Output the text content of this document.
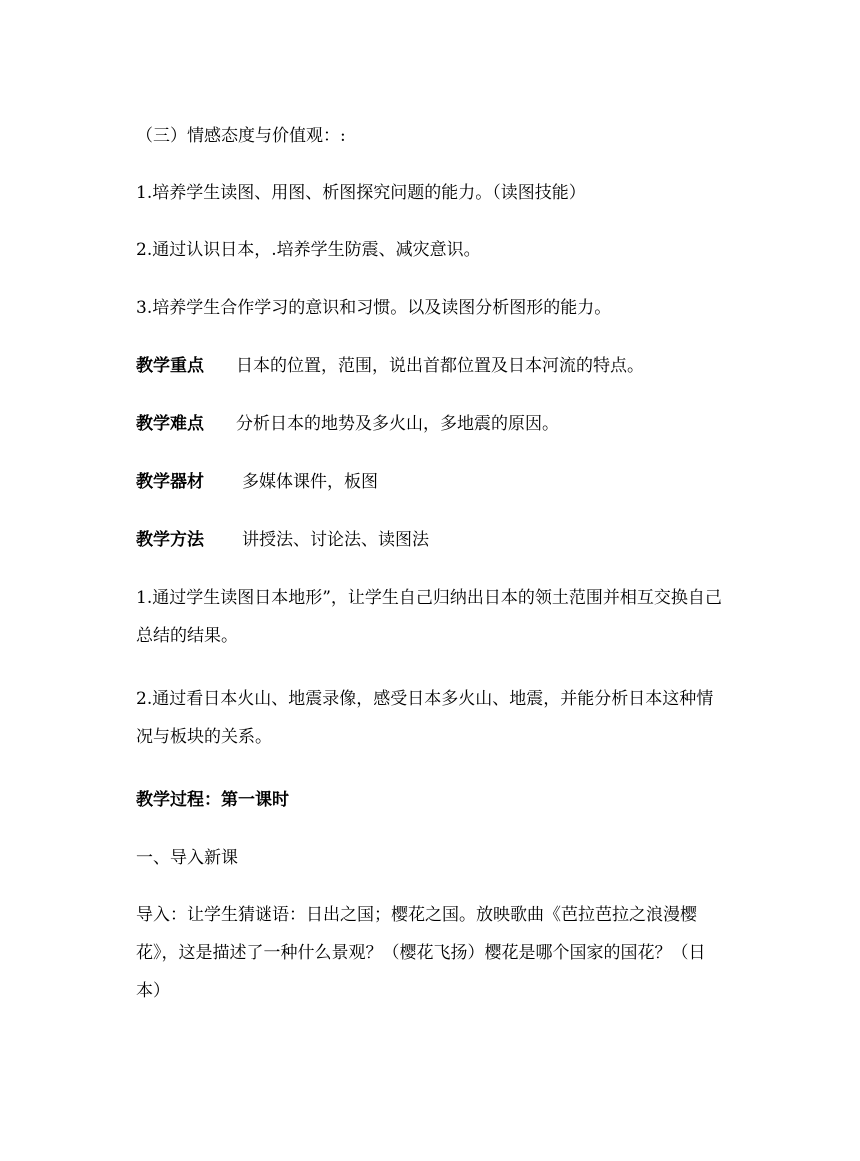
（三）情感态度与价值观：:
1.培养学生读图、用图、析图探究问题的能力。（读图技能）
2.通过认识日本，.培养学生防震、减灾意识。
3.培养学生合作学习的意识和习惯。以及读图分析图形的能力。
教学重点 日本的位置，范围，说出首都位置及日本河流的特点。
教学难点 分析日本的地势及多火山，多地震的原因。
教学器材 多媒体课件，板图
教学方法 讲授法、讨论法、读图法
1.通过学生读图日本地形”，让学生自己归纳出日本的领土范围并相互交换自己总结的结果。
2.通过看日本火山、地震录像，感受日本多火山、地震，并能分析日本这种情况与板块的关系。
教学过程：第一课时
一、导入新课
导入：让学生猜谜语：日出之国；樱花之国。放映歌曲《芭拉芭拉之浪漫樱花》，这是描述了一种什么景观？（樱花飞扬）樱花是哪个国家的国花？（日本）
